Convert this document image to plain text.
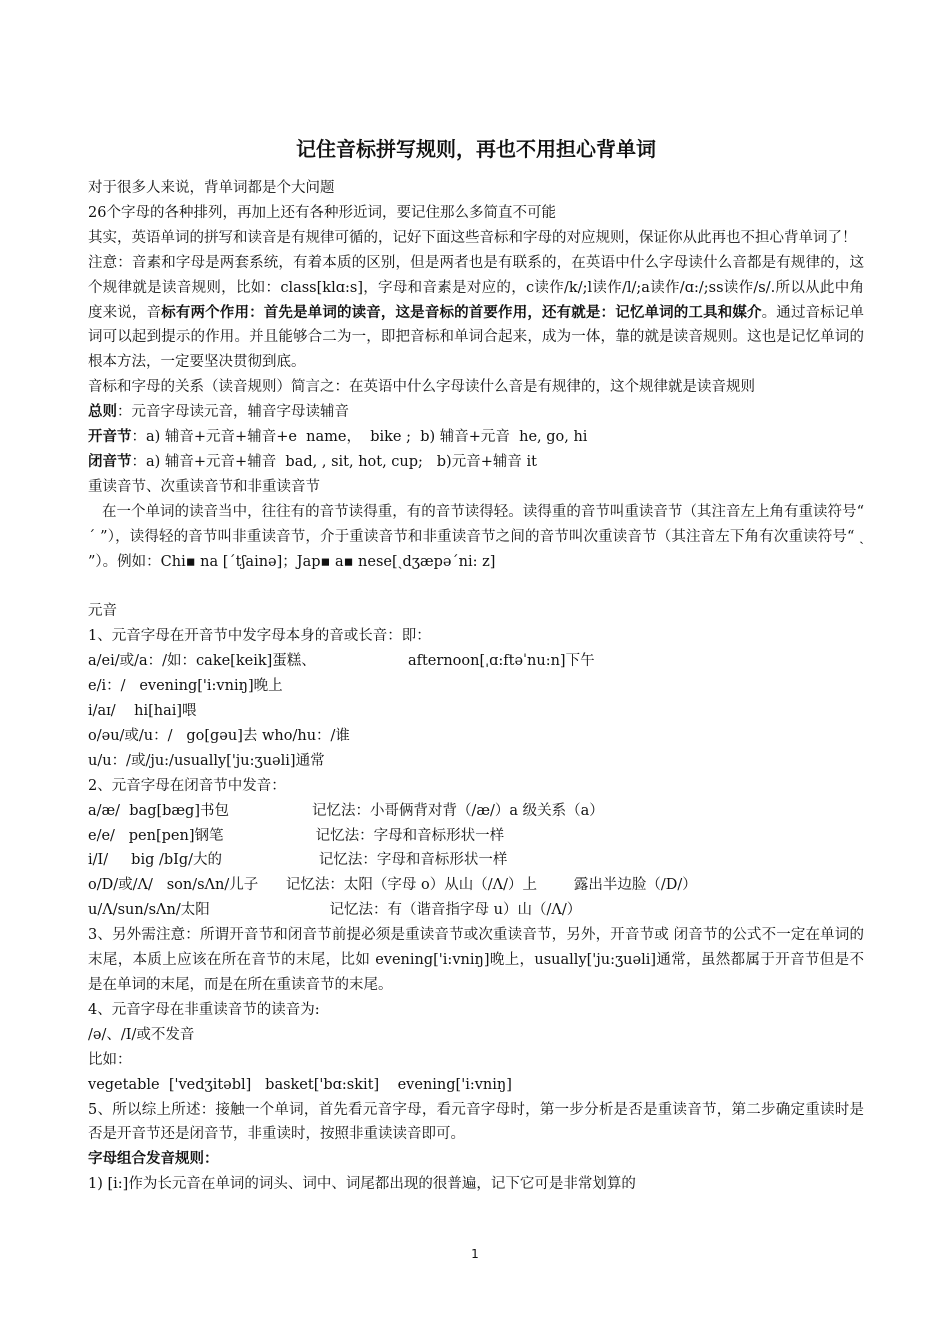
记住音标拼写规则，再也不用担心背单词

对于很多人来说，背单词都是个大问题

26个字母的各种排列，再加上还有各种形近词，要记住那么多简直不可能

其实，英语单词的拼写和读音是有规律可循的，记好下面这些音标和字母的对应规则，保证你从此再也不担心背单词了！

注意：音素和字母是两套系统，有着本质的区别，但是两者也是有联系的，在英语中什么字母读什么音都是有规律的，这个规律就是读音规则，比如：class[klɑ:s]，字母和音素是对应的，c读作/k/;l读作/l/;a读作/ɑ:/;ss读作/s/.所以从此中角度来说，音标有两个作用：首先是单词的读音，这是音标的首要作用，还有就是：记忆单词的工具和媒介。通过音标记单词可以起到提示的作用。并且能够合二为一，即把音标和单词合起来，成为一体，靠的就是读音规则。这也是记忆单词的根本方法，一定要坚决贯彻到底。

音标和字母的关系（读音规则）简言之：在英语中什么字母读什么音是有规律的，这个规律就是读音规则

总则：元音字母读元音，辅音字母读辅音

开音节：a) 辅音+元音+辅音+e  name，  bike ;  b) 辅音+元音  he, go, hi

闭音节：a) 辅音+元音+辅音  bad, , sit, hot, cup;   b)元音+辅音 it

重读音节、次重读音节和非重读音节

在一个单词的读音当中，往往有的音节读得重，有的音节读得轻。读得重的音节叫重读音节（其注音左上角有重读符号“ ˊ ”），读得轻的音节叫非重读音节，介于重读音节和非重读音节之间的音节叫次重读音节（其注音左下角有次重读符号“ ˏ ”）。例如：Chi▪ na [ˊtʃainə]；Jap▪ a▪ nese[ˏdʒæpəˊni: z]

元音

1、元音字母在开音节中发字母本身的音或长音：即：

a/ei/或/a：/如：cake[keik]蛋糕、                    afternoon[ˌɑ:ftəˈnu:n]下午

e/i：/   evening['i:vniŋ]晚上

i/aɪ/    hi[hai]喂

o/əu/或/u：/   go[gəu]去 who/hu：/谁

u/u：/或/ju:/usually['ju:ʒuəli]通常

2、元音字母在闭音节中发音：

a/æ/  bag[bæg]书包                  记忆法：小哥俩背对背（/æ/）a 级关系（a）

e/e/   pen[pen]钢笔                    记忆法：字母和音标形状一样

i/I/     big /bIg/大的                     记忆法：字母和音标形状一样

o/D/或/Λ/   son/sΛn/儿子      记忆法：太阳（字母 o）从山（/Λ/）上        露出半边脸（/D/）

u/Λ/sun/sΛn/太阳                          记忆法：有（谐音指字母 u）山（/Λ/）

3、另外需注意：所谓开音节和闭音节前提必须是重读音节或次重读音节，另外，开音节或 闭音节的公式不一定在单词的末尾，本质上应该在所在音节的末尾，比如 evening['i:vniŋ]晚上，usually['ju:ʒuəli]通常，虽然都属于开音节但是不是在单词的末尾，而是在所在重读音节的末尾。

4、元音字母在非重读音节的读音为:

/ə/、/I/或不发音

比如：

vegetable  ['vedʒitəbl]   basket['bɑ:skit]    evening['i:vniŋ]

5、所以综上所述：接触一个单词，首先看元音字母，看元音字母时，第一步分析是否是重读音节，第二步确定重读时是否是开音节还是闭音节，非重读时，按照非重读读音即可。

字母组合发音规则：

1) [i:]作为长元音在单词的词头、词中、词尾都出现的很普遍，记下它可是非常划算的

1
